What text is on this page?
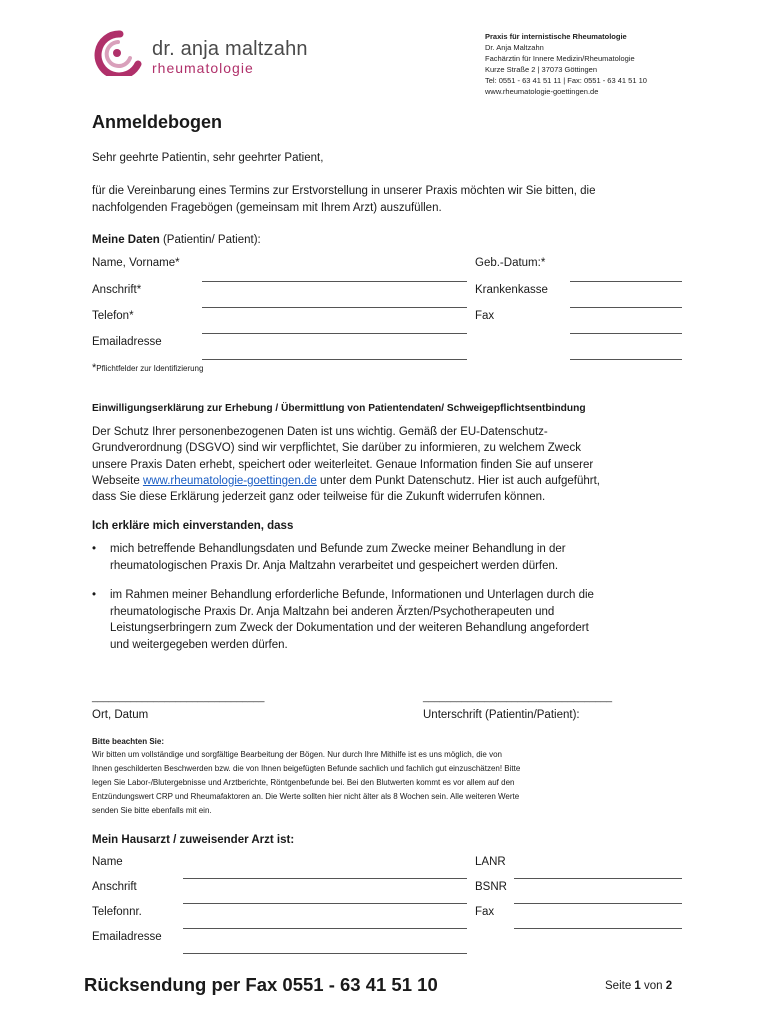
dr. anja maltzahn
rheumatologie
Praxis für internistische Rheumatologie
Dr. Anja Maltzahn
Fachärztin für Innere Medizin/Rheumatologie
Kurze Straße 2 | 37073 Göttingen
Tel: 0551 - 63 41 51 11 | Fax: 0551 - 63 41 51 10
www.rheumatologie-goettingen.de
Anmeldebogen
Sehr geehrte Patientin, sehr geehrter Patient,
für die Vereinbarung eines Termins zur Erstvorstellung in unserer Praxis möchten wir Sie bitten, die
nachfolgenden Fragebögen (gemeinsam mit Ihrem Arzt) auszufüllen.
Meine Daten (Patientin/ Patient):
Name, Vorname*	Geb.-Datum:*
Anschrift*	Krankenkasse
Telefon*	Fax
Emailadresse
*Pflichtfelder zur Identifizierung
Einwilligungserklärung zur Erhebung / Übermittlung von Patientendaten/ Schweigepflichtsentbindung
Der Schutz Ihrer personenbezogenen Daten ist uns wichtig. Gemäß der EU-Datenschutz-
Grundverordnung (DSGVO) sind wir verpflichtet, Sie darüber zu informieren, zu welchem Zweck
unsere Praxis Daten erhebt, speichert oder weiterleitet. Genaue Information finden Sie auf unserer
Webseite www.rheumatologie-goettingen.de unter dem Punkt Datenschutz. Hier ist auch aufgeführt,
dass Sie diese Erklärung jederzeit ganz oder teilweise für die Zukunft widerrufen können.
Ich erkläre mich einverstanden, dass
• mich betreffende Behandlungsdaten und Befunde zum Zwecke meiner Behandlung in der
rheumatologischen Praxis Dr. Anja Maltzahn verarbeitet und gespeichert werden dürfen.
• im Rahmen meiner Behandlung erforderliche Befunde, Informationen und Unterlagen durch die
rheumatologische Praxis Dr. Anja Maltzahn bei anderen Ärzten/Psychotherapeuten und
Leistungserbringern zum Zweck der Dokumentation und der weiteren Behandlung angefordert
und weitergegeben werden dürfen.
_______________________________
Ort, Datum
__________________________________
Unterschrift (Patientin/Patient):
Bitte beachten Sie:
Wir bitten um vollständige und sorgfältige Bearbeitung der Bögen. Nur durch Ihre Mithilfe ist es uns möglich, die von
Ihnen geschilderten Beschwerden bzw. die von Ihnen beigefügten Befunde sachlich und fachlich gut einzuschätzen! Bitte
legen Sie Labor-/Blutergebnisse und Arztberichte, Röntgenbefunde bei. Bei den Blutwerten kommt es vor allem auf den
Entzündungswert CRP und Rheumafaktoren an. Die Werte sollten hier nicht älter als 8 Wochen sein. Alle weiteren Werte
senden Sie bitte ebenfalls mit ein.
Mein Hausarzt / zuweisender Arzt ist:
Name	LANR
Anschrift	BSNR
Telefonnr.	Fax
Emailadresse
Rücksendung per Fax 0551 - 63 41 51 10	Seite 1 von 2
